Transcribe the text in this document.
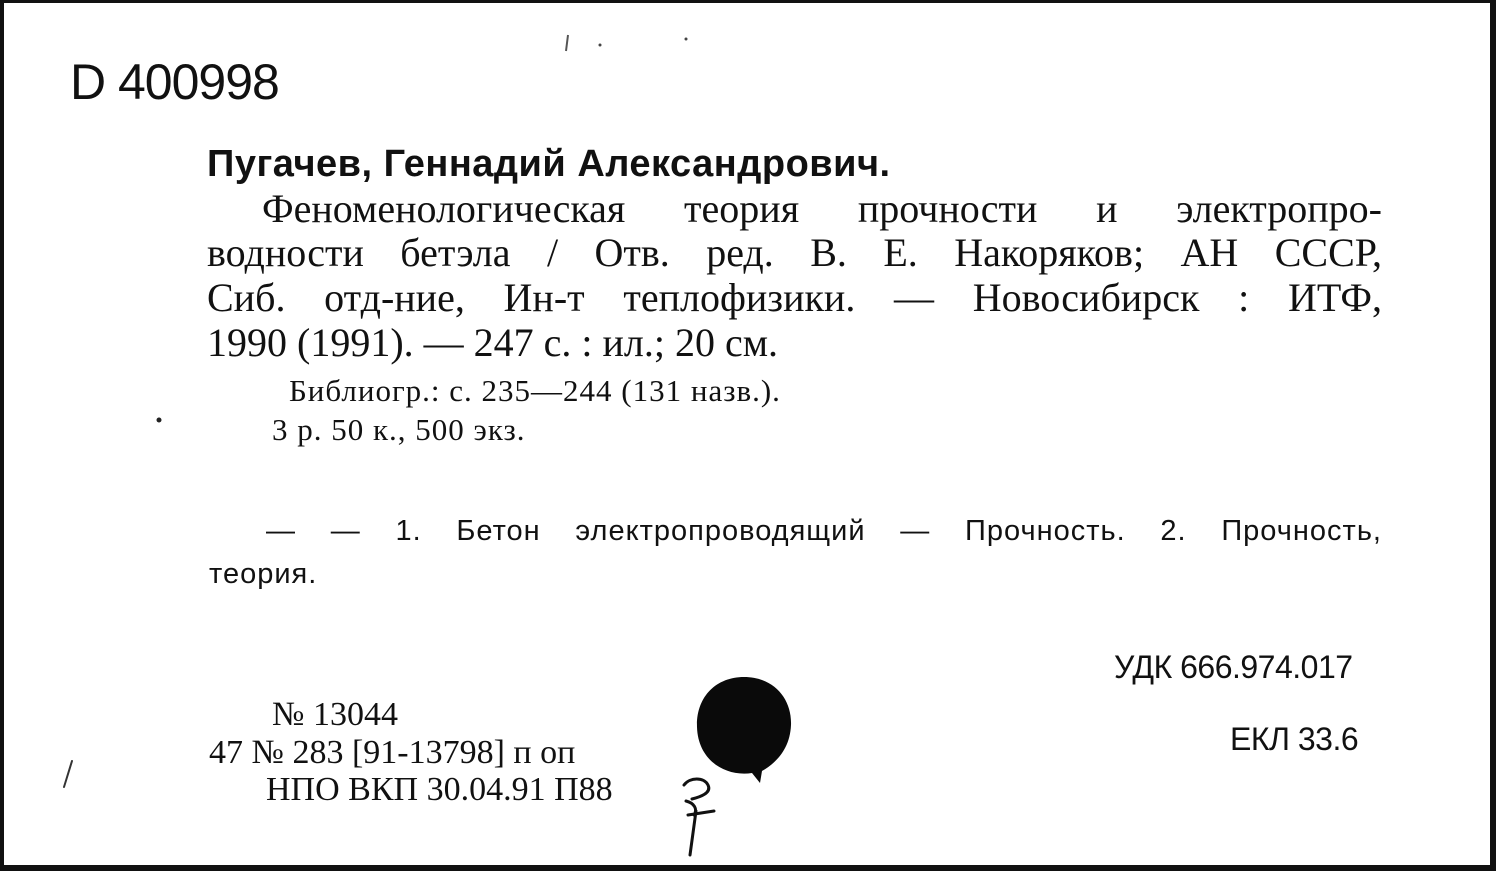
D 400998
Пугачев, Геннадий Александрович.
Феноменологическая теория прочности и электропро-
водности бетэла / Отв. ред. В. Е. Накоряков; АН СССР,
Сиб. отд-ние, Ин-т теплофизики. — Новосибирск : ИТФ,
1990 (1991). — 247 с. : ил.; 20 см.
Библиогр.: с. 235—244 (131 назв.).
3 р. 50 к., 500 экз.
— — 1. Бетон электропроводящий — Прочность. 2. Прочность,
теория.
УДК 666.974.017
ЕКЛ 33.6
№ 13044
47 № 283 [91-13798] п оп
НПО ВКП 30.04.91 П88
